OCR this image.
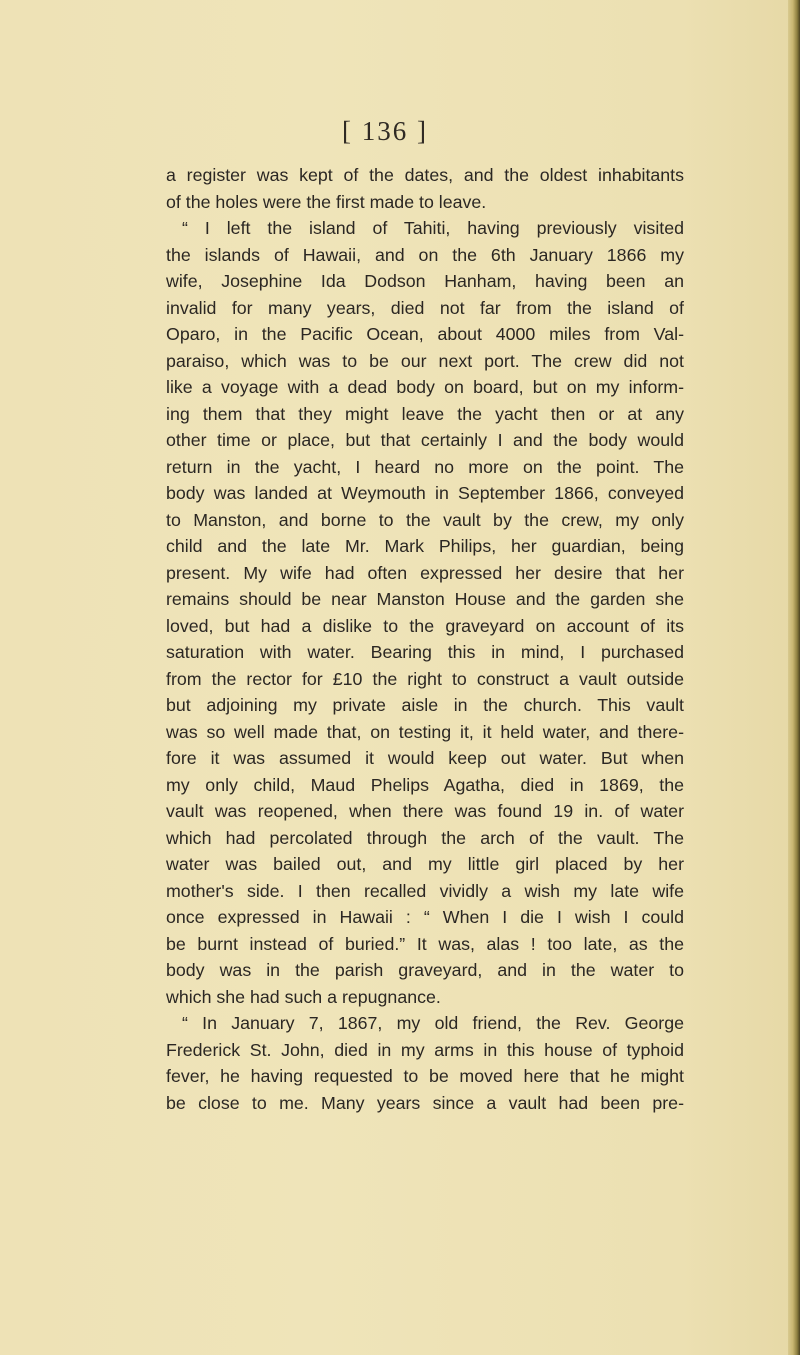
[ 136 ]

a register was kept of the dates, and the oldest inhabitants
of the holes were the first made to leave.
“ I left the island of Tahiti, having previously visited
the islands of Hawaii, and on the 6th January 1866 my
wife, Josephine Ida Dodson Hanham, having been an
invalid for many years, died not far from the island of
Oparo, in the Pacific Ocean, about 4000 miles from Val-
paraiso, which was to be our next port. The crew did not
like a voyage with a dead body on board, but on my inform-
ing them that they might leave the yacht then or at any
other time or place, but that certainly I and the body would
return in the yacht, I heard no more on the point. The
body was landed at Weymouth in September 1866, conveyed
to Manston, and borne to the vault by the crew, my only
child and the late Mr. Mark Philips, her guardian, being
present. My wife had often expressed her desire that her
remains should be near Manston House and the garden she
loved, but had a dislike to the graveyard on account of its
saturation with water. Bearing this in mind, I purchased
from the rector for £10 the right to construct a vault outside
but adjoining my private aisle in the church. This vault
was so well made that, on testing it, it held water, and there-
fore it was assumed it would keep out water. But when
my only child, Maud Phelips Agatha, died in 1869, the
vault was reopened, when there was found 19 in. of water
which had percolated through the arch of the vault. The
water was bailed out, and my little girl placed by her
mother's side. I then recalled vividly a wish my late wife
once expressed in Hawaii : “ When I die I wish I could
be burnt instead of buried.” It was, alas ! too late, as the
body was in the parish graveyard, and in the water to
which she had such a repugnance.
“ In January 7, 1867, my old friend, the Rev. George
Frederick St. John, died in my arms in this house of typhoid
fever, he having requested to be moved here that he might
be close to me. Many years since a vault had been pre-
